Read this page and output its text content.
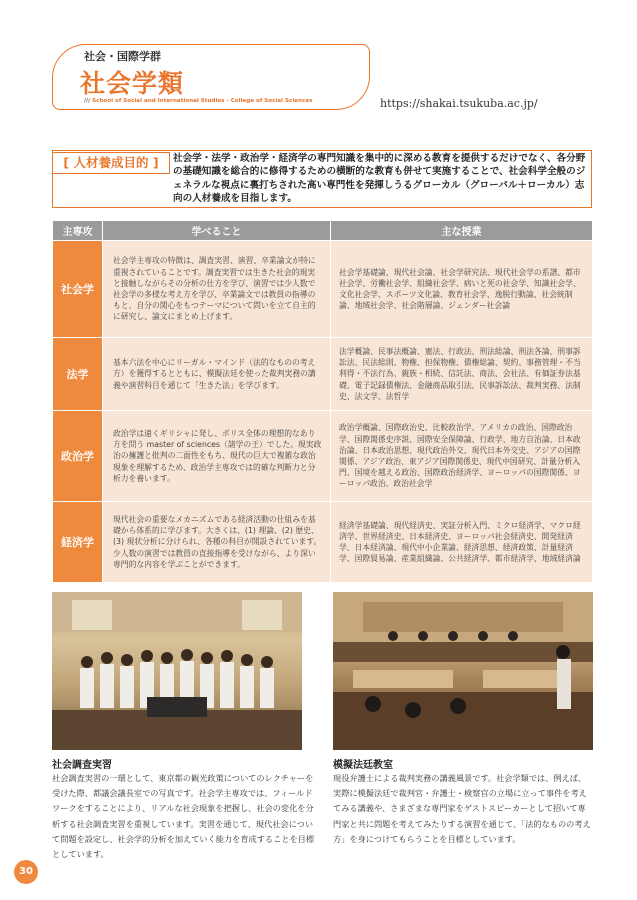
社会・国際学群
社会学類
/// School of Social and International Studies - College of Social Sciences	https://shakai.tsukuba.ac.jp/
[ 人材養成目的 ]	社会学・法学・政治学・経済学の専門知識を集中的に深める教育を提供するだけでなく、各分野の基礎知識を総合的に修得するための横断的な教育も併せて実施することで、社会科学全般のジェネラルな視点に裏打ちされた高い専門性を発揮しうるグローカル（グローバル＋ローカル）志向の人材養成を目指します。
主専攻	学べること	主な授業
社会学	社会学主専攻の特徴は、調査実習、演習、卒業論文が特に重視されていることです。調査実習では生きた社会的現実と接触しながらその分析の仕方を学び、演習では少人数で社会学の多様な考え方を学び、卒業論文では教員の指導のもと、自分の関心をもつテーマについて問いを立て自主的に研究し、論文にまとめ上げます。	社会学基礎論、現代社会論、社会学研究法、現代社会学の系譜、都市社会学、労働社会学、組織社会学、病いと死の社会学、知識社会学、文化社会学、スポーツ文化論、教育社会学、逸脱行動論、社会統制論、地域社会学、社会階層論、ジェンダー社会論
法学	基本六法を中心にリーガル・マインド（法的なものの考え方）を獲得するとともに、模擬法廷を使った裁判実務の講義や演習科目を通じて「生きた法」を学びます。	法学概論、民事法概論、憲法、行政法、刑法総論、刑法各論、刑事訴訟法、民法総則、物権、担保物権、債権総論、契約、事務管理・不当利得・不法行為、親族・相続、信託法、商法、会社法、有価証券法基礎、電子記録債権法、金融商品取引法、民事訴訟法、裁判実務、法制史、法文学、法哲学
政治学	政治学は遠くギリシャに発し、ポリス全体の理想的なあり方を問う master of sciences（諸学の王）でした。現実政治の擁護と批判の二面性をもち、現代の巨大で複雑な政治現象を理解するため、政治学主専攻では的確な判断力と分析力を養います。	政治学概論、国際政治史、比較政治学、アメリカの政治、国際政治学、国際関係史序説、国際安全保障論、行政学、地方自治論、日本政治論、日本政治思想、現代政治外交、現代日本外交史、アジアの国際関係、アジア政治、東アジア国際関係史、現代中国研究、計量分析入門、国境を越える政治、国際政治経済学、ヨーロッパの国際関係、ヨーロッパ政治、政治社会学
経済学	現代社会の重要なメカニズムである経済活動の仕組みを基礎から体系的に学びます。大きくは、(1) 理論、(2) 歴史、(3) 現状分析に分けられ、各種の科目が開設されています。少人数の演習では教員の直接指導を受けながら、より深い専門的な内容を学ぶことができます。	経済学基礎論、現代経済史、実証分析入門、ミクロ経済学、マクロ経済学、世界経済史、日本経済史、ヨーロッパ社会経済史、開発経済学、日本経済論、現代中小企業論、経済思想、経済政策、計量経済学、国際貿易論、産業組織論、公共経済学、都市経済学、地域経済論
社会調査実習
社会調査実習の一環として、東京都の観光政策についてのレクチャーを受けた際、都議会議長室での写真です。社会学主専攻では、フィールドワークをすることにより、リアルな社会現象を把握し、社会の変化を分析する社会調査実習を重視しています。実習を通じて、現代社会について問題を設定し、社会学的分析を加えていく能力を育成することを目標としています。
模擬法廷教室
現役弁護士による裁判実務の講義風景です。社会学類では、例えば、実際に模擬法廷で裁判官・弁護士・検察官の立場に立って事件を考えてみる講義や、さまざまな専門家をゲストスピーカーとして招いて専門家と共に問題を考えてみたりする演習を通じて、「法的なものの考え方」を身につけてもらうことを目標としています。
30
